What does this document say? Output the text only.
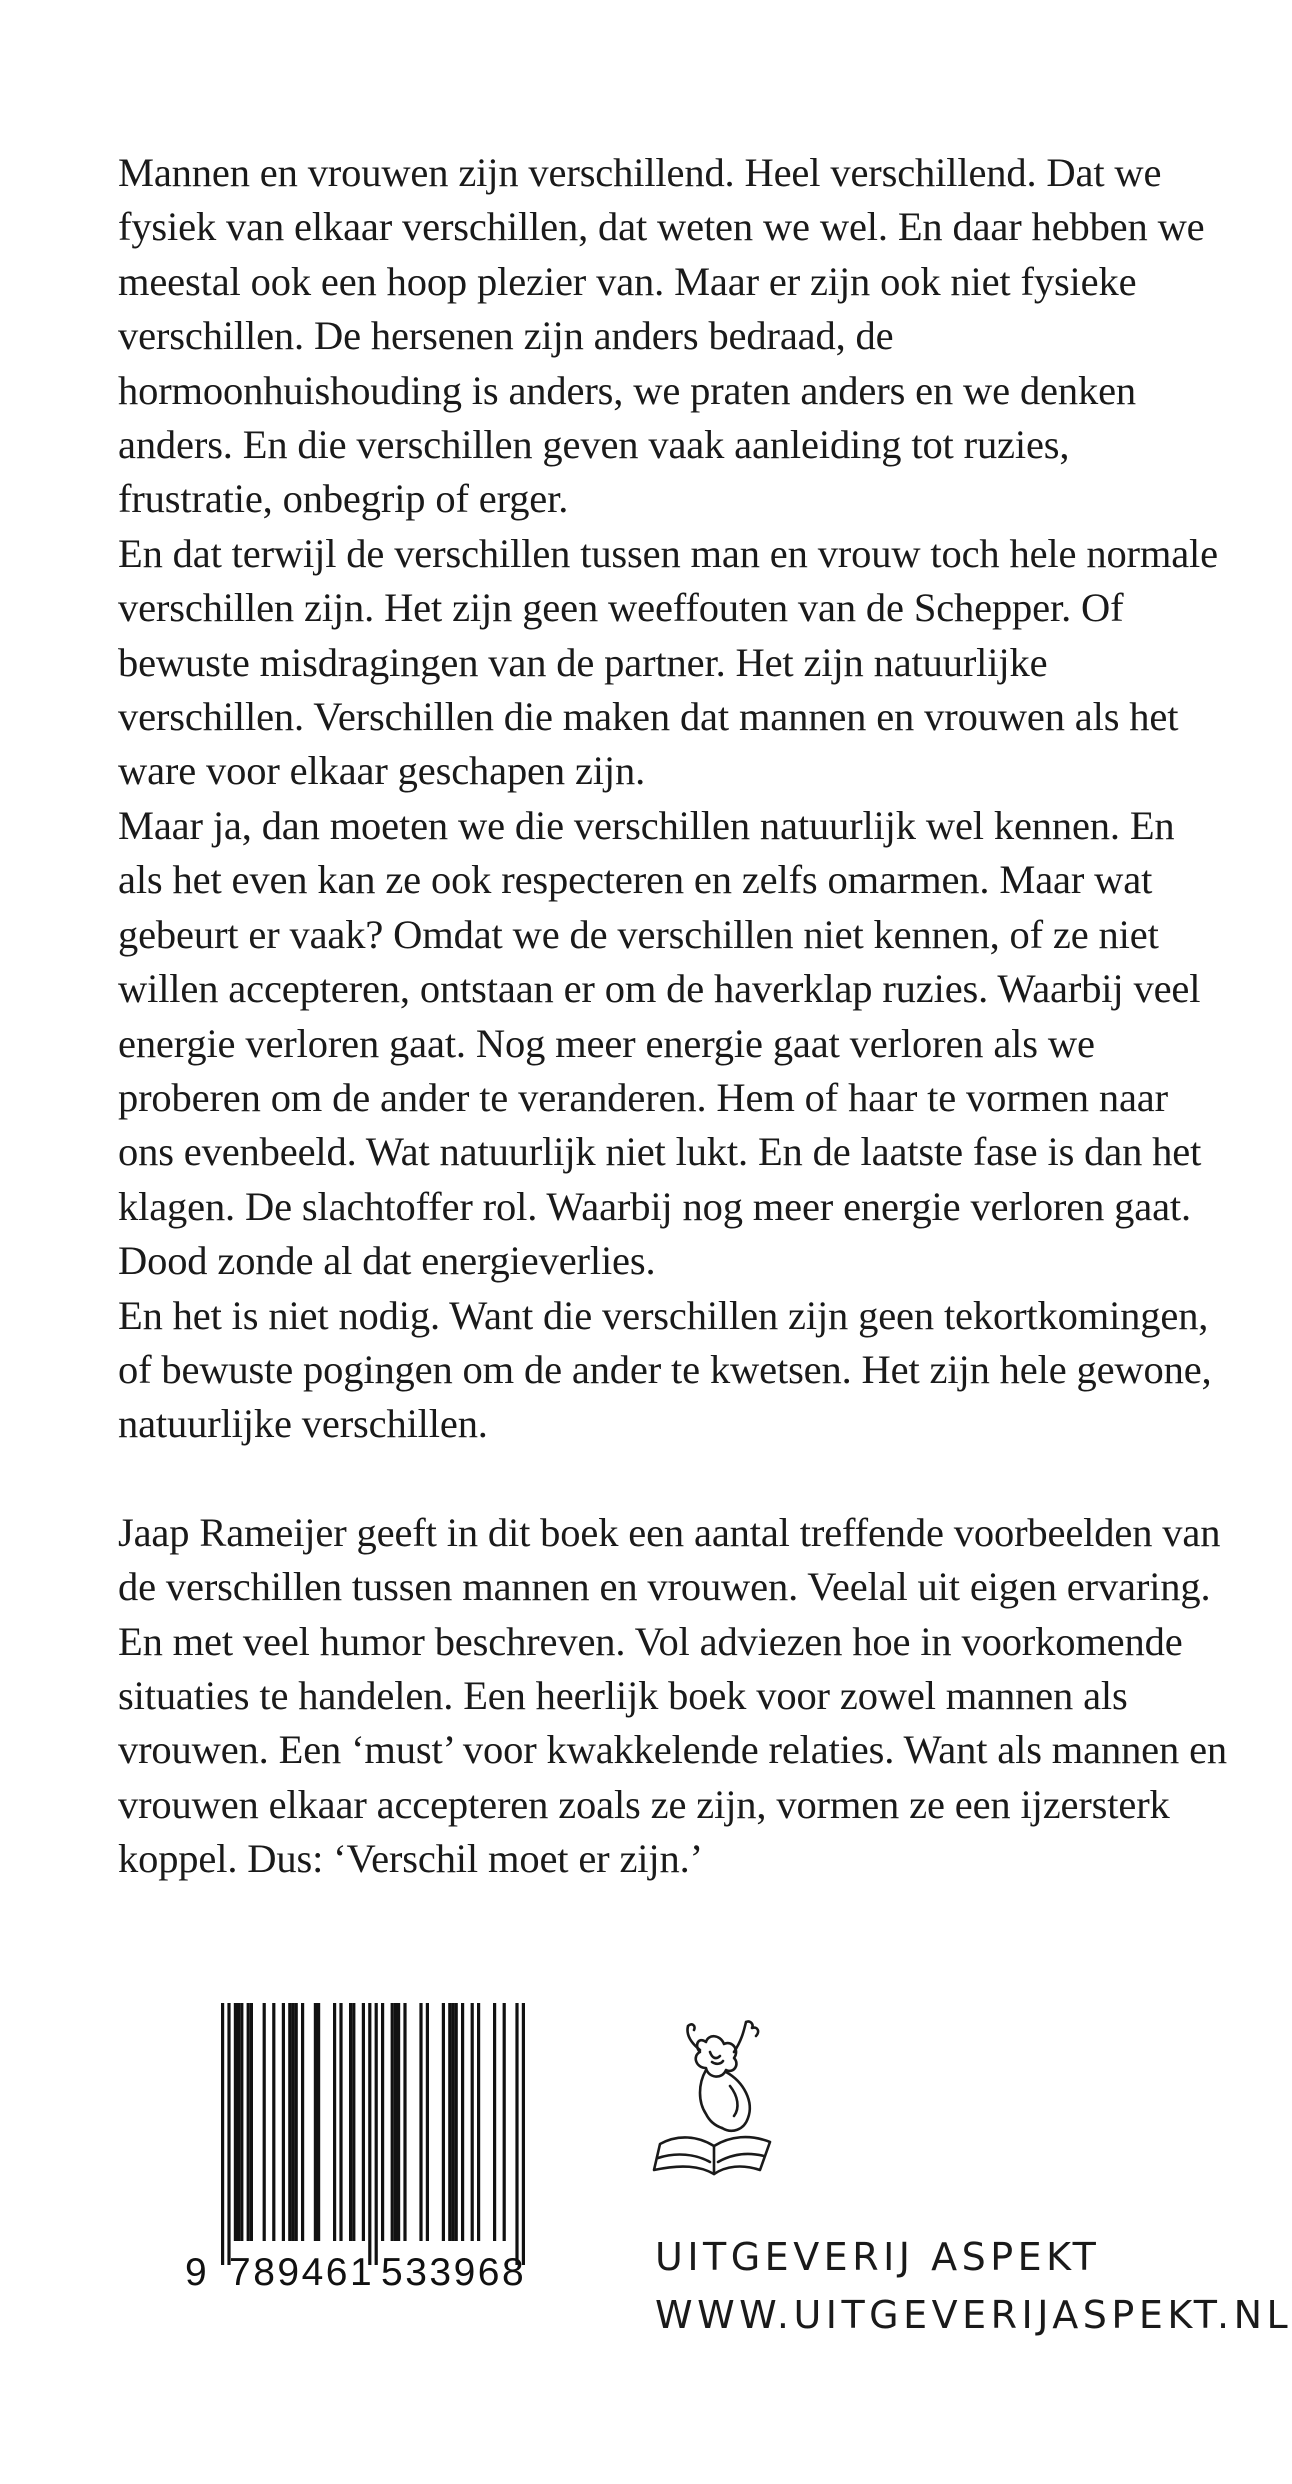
Mannen en vrouwen zijn verschillend. Heel verschillend. Dat we fysiek van elkaar verschillen, dat weten we wel. En daar hebben we meestal ook een hoop plezier van. Maar er zijn ook niet fysieke verschillen. De hersenen zijn anders bedraad, de hormoonhuishouding is anders, we praten anders en we denken anders. En die verschillen geven vaak aanleiding tot ruzies, frustratie, onbegrip of erger.

En dat terwijl de verschillen tussen man en vrouw toch hele normale verschillen zijn. Het zijn geen weeffouten van de Schepper. Of bewuste misdragingen van de partner. Het zijn natuurlijke verschillen. Verschillen die maken dat mannen en vrouwen als het ware voor elkaar geschapen zijn.

Maar ja, dan moeten we die verschillen natuurlijk wel kennen. En als het even kan ze ook respecteren en zelfs omarmen. Maar wat gebeurt er vaak? Omdat we de verschillen niet kennen, of ze niet willen accepteren, ontstaan er om de haverklap ruzies. Waarbij veel energie verloren gaat. Nog meer energie gaat verloren als we proberen om de ander te veranderen. Hem of haar te vormen naar ons evenbeeld. Wat natuurlijk niet lukt. En de laatste fase is dan het klagen. De slachtoffer rol. Waarbij nog meer energie verloren gaat. Dood zonde al dat energieverlies.

En het is niet nodig. Want die verschillen zijn geen tekortkomingen, of bewuste pogingen om de ander te kwetsen. Het zijn hele gewone, natuurlijke verschillen.

Jaap Rameijer geeft in dit boek een aantal treffende voorbeelden van de verschillen tussen mannen en vrouwen. Veelal uit eigen ervaring. En met veel humor beschreven. Vol adviezen hoe in voorkomende situaties te handelen. Een heerlijk boek voor zowel mannen als vrouwen. Een ‘must’ voor kwakkelende relaties. Want als mannen en vrouwen elkaar accepteren zoals ze zijn, vormen ze een ijzersterk koppel. Dus: ‘Verschil moet er zijn.’

9 789461 533968	UITGEVERIJ ASPEKT
WWW.UITGEVERIJASPEKT.NL
